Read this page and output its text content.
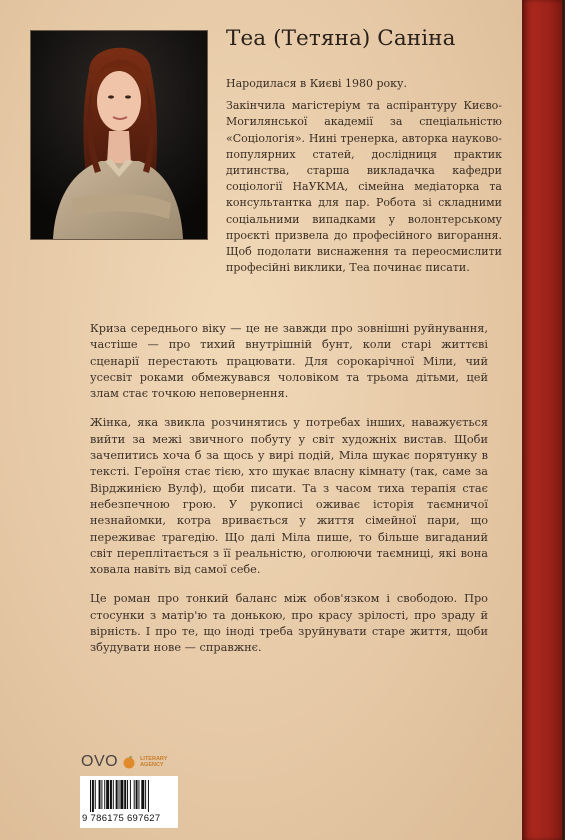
Теа (Тетяна) Саніна

Народилася в Києві 1980 року.

Закінчила магістеріум та аспірантуру Києво-Могилянської академії за спеціальністю «Соціологія». Нині тренерка, авторка науково-популярних статей, дослідниця практик дитинства, старша викладачка кафедри соціології НаУКМА, сімейна медіаторка та консультантка для пар. Робота зі складними соціальними випадками у волонтерському проєкті призвела до професійного вигорання. Щоб подолати виснаження та переосмислити професійні виклики, Теа починає писати.

Криза середнього віку — це не завжди про зовнішні руйнування, частіше — про тихий внутрішній бунт, коли старі життєві сценарії перестають працювати. Для сорокарічної Міли, чий усесвіт роками обмежувався чоловіком та трьома дітьми, цей злам стає точкою неповернення.

Жінка, яка звикла розчинятись у потребах інших, наважується вийти за межі звичного побуту у світ художніх вистав. Щоби зачепитись хоча б за щось у вирі подій, Міла шукає порятунку в тексті. Героїня стає тією, хто шукає власну кімнату (так, саме за Вірджинією Вулф), щоби писати. Та з часом тиха терапія стає небезпечною грою. У рукописі оживає історія таємничої незнайомки, котра вривається у життя сімейної пари, що переживає трагедію. Що далі Міла пише, то більше вигаданий світ переплітається з її реальністю, оголюючи таємниці, які вона ховала навіть від самої себе.

Це роман про тонкий баланс між обов'язком і свободою. Про стосунки з матір'ю та донькою, про красу зрілості, про зраду й вірність. І про те, що іноді треба зруйнувати старе життя, щоби збудувати нове — справжнє.

OVO	LITERARY
AGENCY
9 786175 697627
